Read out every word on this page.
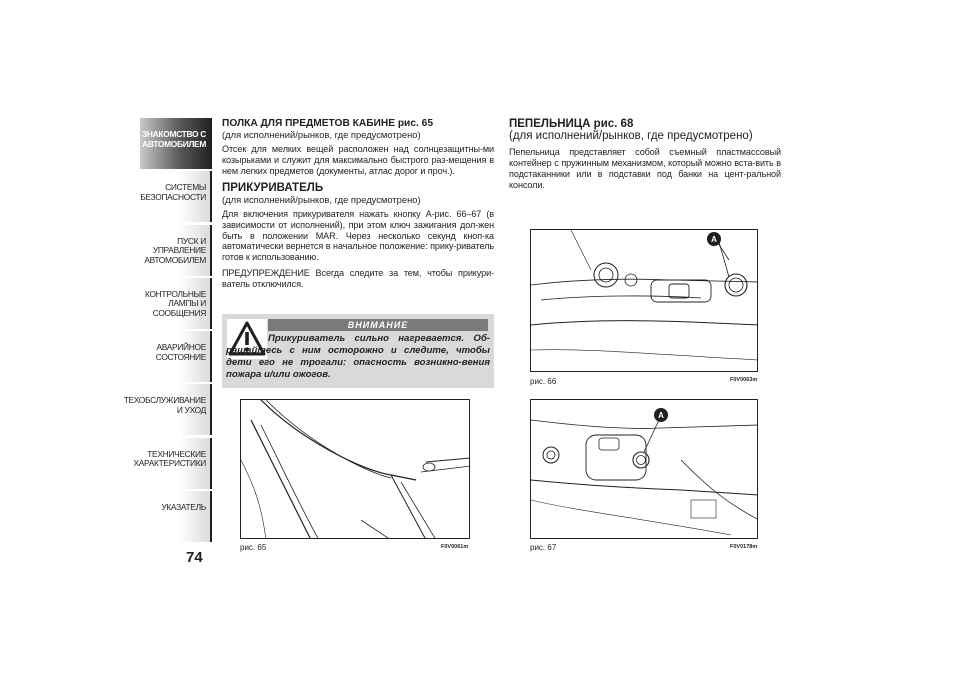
ЗНАКОМСТВО С АВТОМОБИЛЕМ
СИСТЕМЫ БЕЗОПАСНОСТИ
ПУСК И УПРАВЛЕНИЕ АВТОМОБИЛЕМ
КОНТРОЛЬНЫЕ ЛАМПЫ И СООБЩЕНИЯ
АВАРИЙНОЕ СОСТОЯНИЕ
ТЕХОБСЛУЖИВАНИЕ И УХОД
ТЕХНИЧЕСКИЕ ХАРАКТЕРИСТИКИ
УКАЗАТЕЛЬ
74
ПОЛКА ДЛЯ ПРЕДМЕТОВ КАБИНЕ рис. 65
(для исполнений/рынков, где предусмотрено)

Отсек для мелких вещей расположен над солнцезащитны-ми козырьками и служит для максимально быстрого раз-мещения в нем легких предметов (документы, атлас дорог и проч.).

ПРИКУРИВАТЕЛЬ
(для исполнений/рынков, где предусмотрено)

Для включения прикуривателя нажать кнопку A-рис. 66–67 (в зависимости от исполнений), при этом ключ зажигания дол-жен быть в положении MAR. Через несколько секунд кноп-ка автоматически вернется в начальное положение: прику-риватель готов к использованию.

ПРЕДУПРЕЖДЕНИЕ Всегда следите за тем, чтобы прикури-ватель отключился.

ВНИМАНИЕ
Прикуриватель сильно нагревается. Об-ращайтесь с ним осторожно и следите, чтобы дети его не трогали: опасность возникно-вения пожара и/или ожогов.
рис. 65	F0V0061m
ПЕПЕЛЬНИЦА рис. 68
(для исполнений/рынков, где предусмотрено)

Пепельница представляет собой съемный пластмассовый контейнер с пружинным механизмом, который можно вста-вить в подстаканники или в подставки под банки на цент-ральной консоли.

A
рис. 66	F0V0063m
A
рис. 67	F0V0178m
